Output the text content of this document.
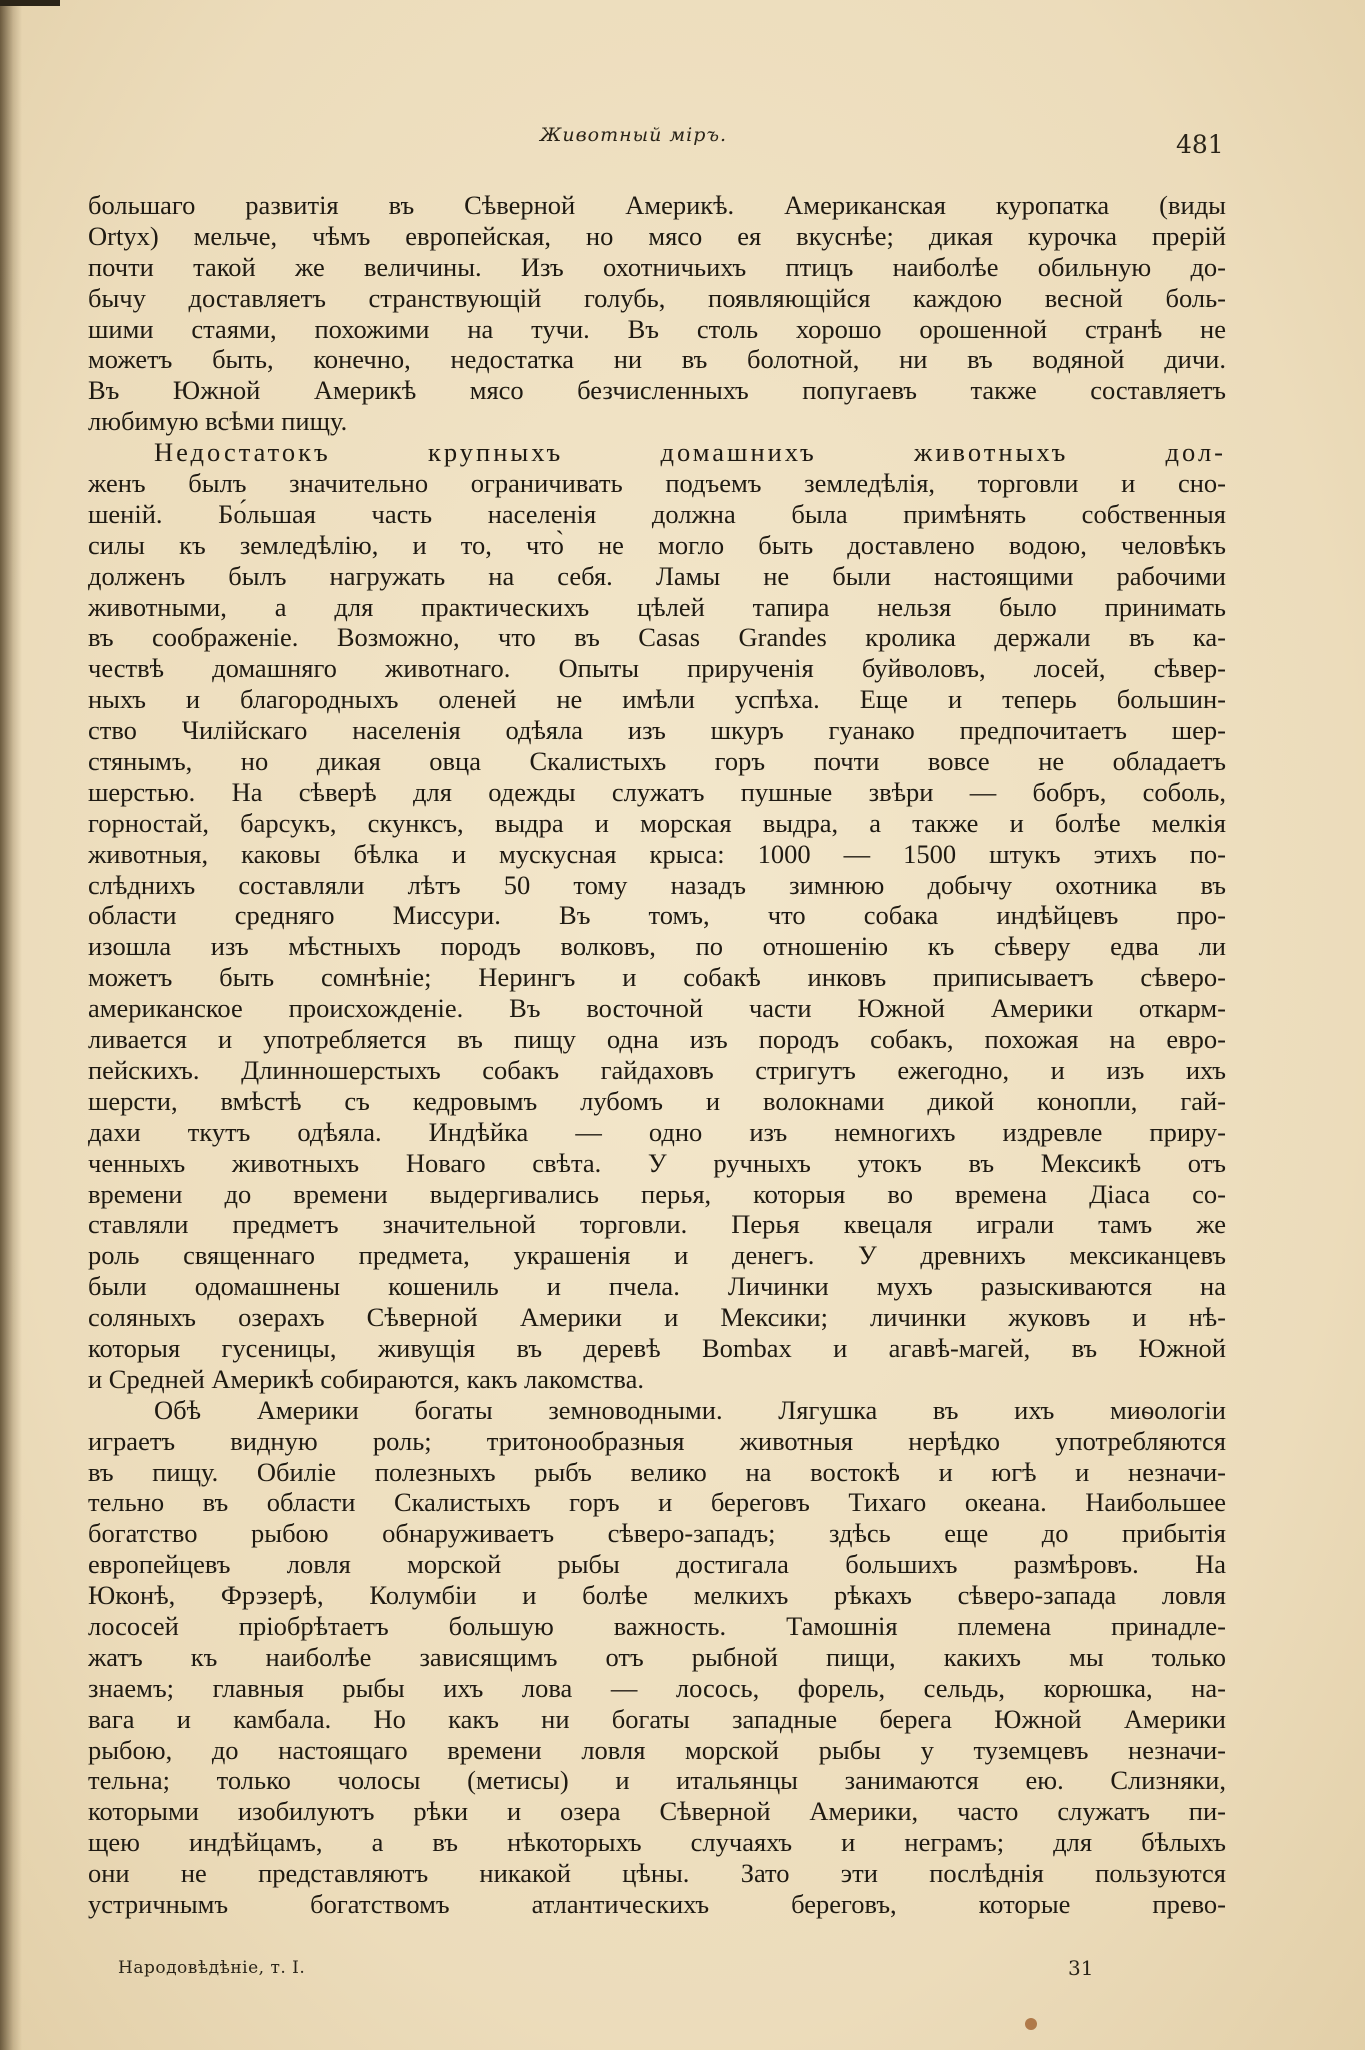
Животный міръ.	481
большаго развитія въ Сѣверной Америкѣ. Американская куропатка (виды
Ortyx) мельче, чѣмъ европейская, но мясо ея вкуснѣе; дикая курочка прерій
почти такой же величины. Изъ охотничьихъ птицъ наиболѣе обильную до-
бычу доставляетъ странствующій голубь, появляющійся каждою весной боль-
шими стаями, похожими на тучи. Въ столь хорошо орошенной странѣ не
можетъ быть, конечно, недостатка ни въ болотной, ни въ водяной дичи.
Въ Южной Америкѣ мясо безчисленныхъ попугаевъ также составляетъ
любимую всѣми пищу.
Недостатокъ крупныхъ домашнихъ животныхъ дол-
женъ былъ значительно ограничивать подъемъ земледѣлія, торговли и сно-
шеній. Бо́льшая часть населенія должна была примѣнять собственныя
силы къ земледѣлію, и то, что̀ не могло быть доставлено водою, человѣкъ
долженъ былъ нагружать на себя. Ламы не были настоящими рабочими
животными, а для практическихъ цѣлей тапира нельзя было принимать
въ соображеніе. Возможно, что въ Casas Grandes кролика держали въ ка-
чествѣ домашняго животнаго. Опыты прирученія буйволовъ, лосей, сѣвер-
ныхъ и благородныхъ оленей не имѣли успѣха. Еще и теперь большин-
ство Чилійскаго населенія одѣяла изъ шкуръ гуанако предпочитаетъ шер-
стянымъ, но дикая овца Скалистыхъ горъ почти вовсе не обладаетъ
шерстью. На сѣверѣ для одежды служатъ пушные звѣри — бобръ, соболь,
горностай, барсукъ, скунксъ, выдра и морская выдра, а также и болѣе мелкія
животныя, каковы бѣлка и мускусная крыса: 1000 — 1500 штукъ этихъ по-
слѣднихъ составляли лѣтъ 50 тому назадъ зимнюю добычу охотника въ
области средняго Миссури. Въ томъ, что собака индѣйцевъ про-
изошла изъ мѣстныхъ породъ волковъ, по отношенію къ сѣверу едва ли
можетъ быть сомнѣніе; Нерингъ и собакѣ инковъ приписываетъ сѣверо-
американское происхожденіе. Въ восточной части Южной Америки откарм-
ливается и употребляется въ пищу одна изъ породъ собакъ, похожая на евро-
пейскихъ. Длинношерстыхъ собакъ гайдаховъ стригутъ ежегодно, и изъ ихъ
шерсти, вмѣстѣ съ кедровымъ лубомъ и волокнами дикой конопли, гай-
дахи ткутъ одѣяла. Индѣйка — одно изъ немногихъ издревле приру-
ченныхъ животныхъ Новаго свѣта. У ручныхъ утокъ въ Мексикѣ отъ
времени до времени выдергивались перья, которыя во времена Діаса со-
ставляли предметъ значительной торговли. Перья квецаля играли тамъ же
роль священнаго предмета, украшенія и денегъ. У древнихъ мексиканцевъ
были одомашнены кошениль и пчела. Личинки мухъ разыскиваются на
соляныхъ озерахъ Сѣверной Америки и Мексики; личинки жуковъ и нѣ-
которыя гусеницы, живущія въ деревѣ Bombax и агавѣ-магей, въ Южной
и Средней Америкѣ собираются, какъ лакомства.
Обѣ Америки богаты земноводными. Лягушка въ ихъ миѳологіи
играетъ видную роль; тритонообразныя животныя нерѣдко употребляются
въ пищу. Обиліе полезныхъ рыбъ велико на востокѣ и югѣ и незначи-
тельно въ области Скалистыхъ горъ и береговъ Тихаго океана. Наибольшее
богатство рыбою обнаруживаетъ сѣверо-западъ; здѣсь еще до прибытія
европейцевъ ловля морской рыбы достигала большихъ размѣровъ. На
Юконѣ, Фрэзерѣ, Колумбіи и болѣе мелкихъ рѣкахъ сѣверо-запада ловля
лососей пріобрѣтаетъ большую важность. Тамошнія племена принадле-
жатъ къ наиболѣе зависящимъ отъ рыбной пищи, какихъ мы только
знаемъ; главныя рыбы ихъ лова — лосось, форель, сельдь, корюшка, на-
вага и камбала. Но какъ ни богаты западные берега Южной Америки
рыбою, до настоящаго времени ловля морской рыбы у туземцевъ незначи-
тельна; только чолосы (метисы) и итальянцы занимаются ею. Слизняки,
которыми изобилуютъ рѣки и озера Сѣверной Америки, часто служатъ пи-
щею индѣйцамъ, а въ нѣкоторыхъ случаяхъ и неграмъ; для бѣлыхъ
они не представляютъ никакой цѣны. Зато эти послѣднія пользуются
устричнымъ богатствомъ атлантическихъ береговъ, которые прево-
Народовѣдѣніе, т. I.	31
